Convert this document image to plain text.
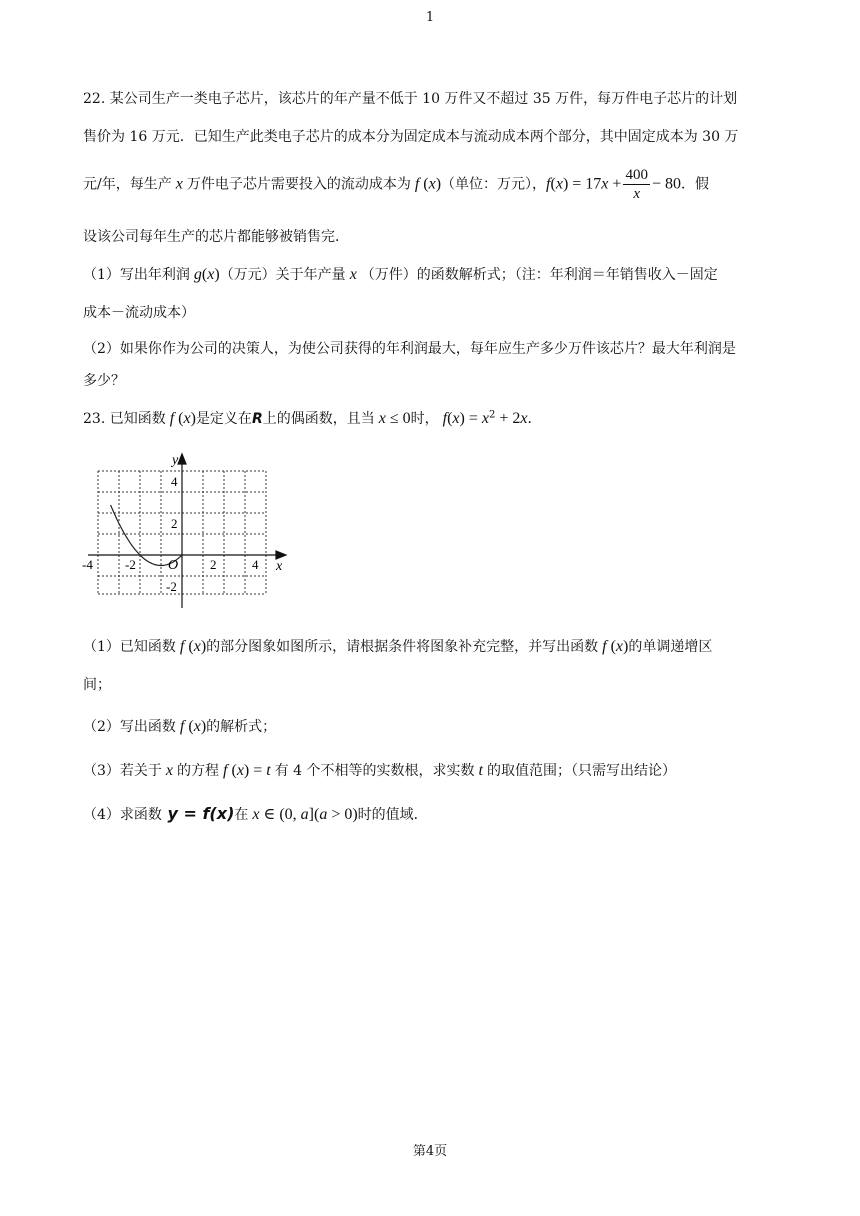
1
22. 某公司生产一类电子芯片，该芯片的年产量不低于 10 万件又不超过 35 万件，每万件电子芯片的计划
售价为 16 万元．已知生产此类电子芯片的成本分为固定成本与流动成本两个部分，其中固定成本为 30 万
元/年，每生产 x 万件电子芯片需要投入的流动成本为 f (x)（单位：万元），$f(x) = 17x + \frac{400}{x} - 80$．假
设该公司每年生产的芯片都能够被销售完．
（1）写出年利润 g(x)（万元）关于年产量 x （万件）的函数解析式；（注：年利润＝年销售收入－固定
成本－流动成本）
（2）如果你作为公司的决策人，为使公司获得的年利润最大，每年应生产多少万件该芯片？最大年利润是
多少？
23. 已知函数 f (x)是定义在R上的偶函数，且当 x ≤ 0时， $f(x) = x^2 + 2x$．
（1）已知函数 f (x)的部分图象如图所示，请根据条件将图象补充完整，并写出函数 f (x)的单调递增区
间；
（2）写出函数 f (x)的解析式；
（3）若关于 x 的方程 f (x) = t 有 4 个不相等的实数根，求实数 t 的取值范围；（只需写出结论）
（4）求函数 y = f(x)在 x ∈ (0, a](a > 0)时的值域．
y
x
O
-4 -2	2	4
4
2
-2
第4页
